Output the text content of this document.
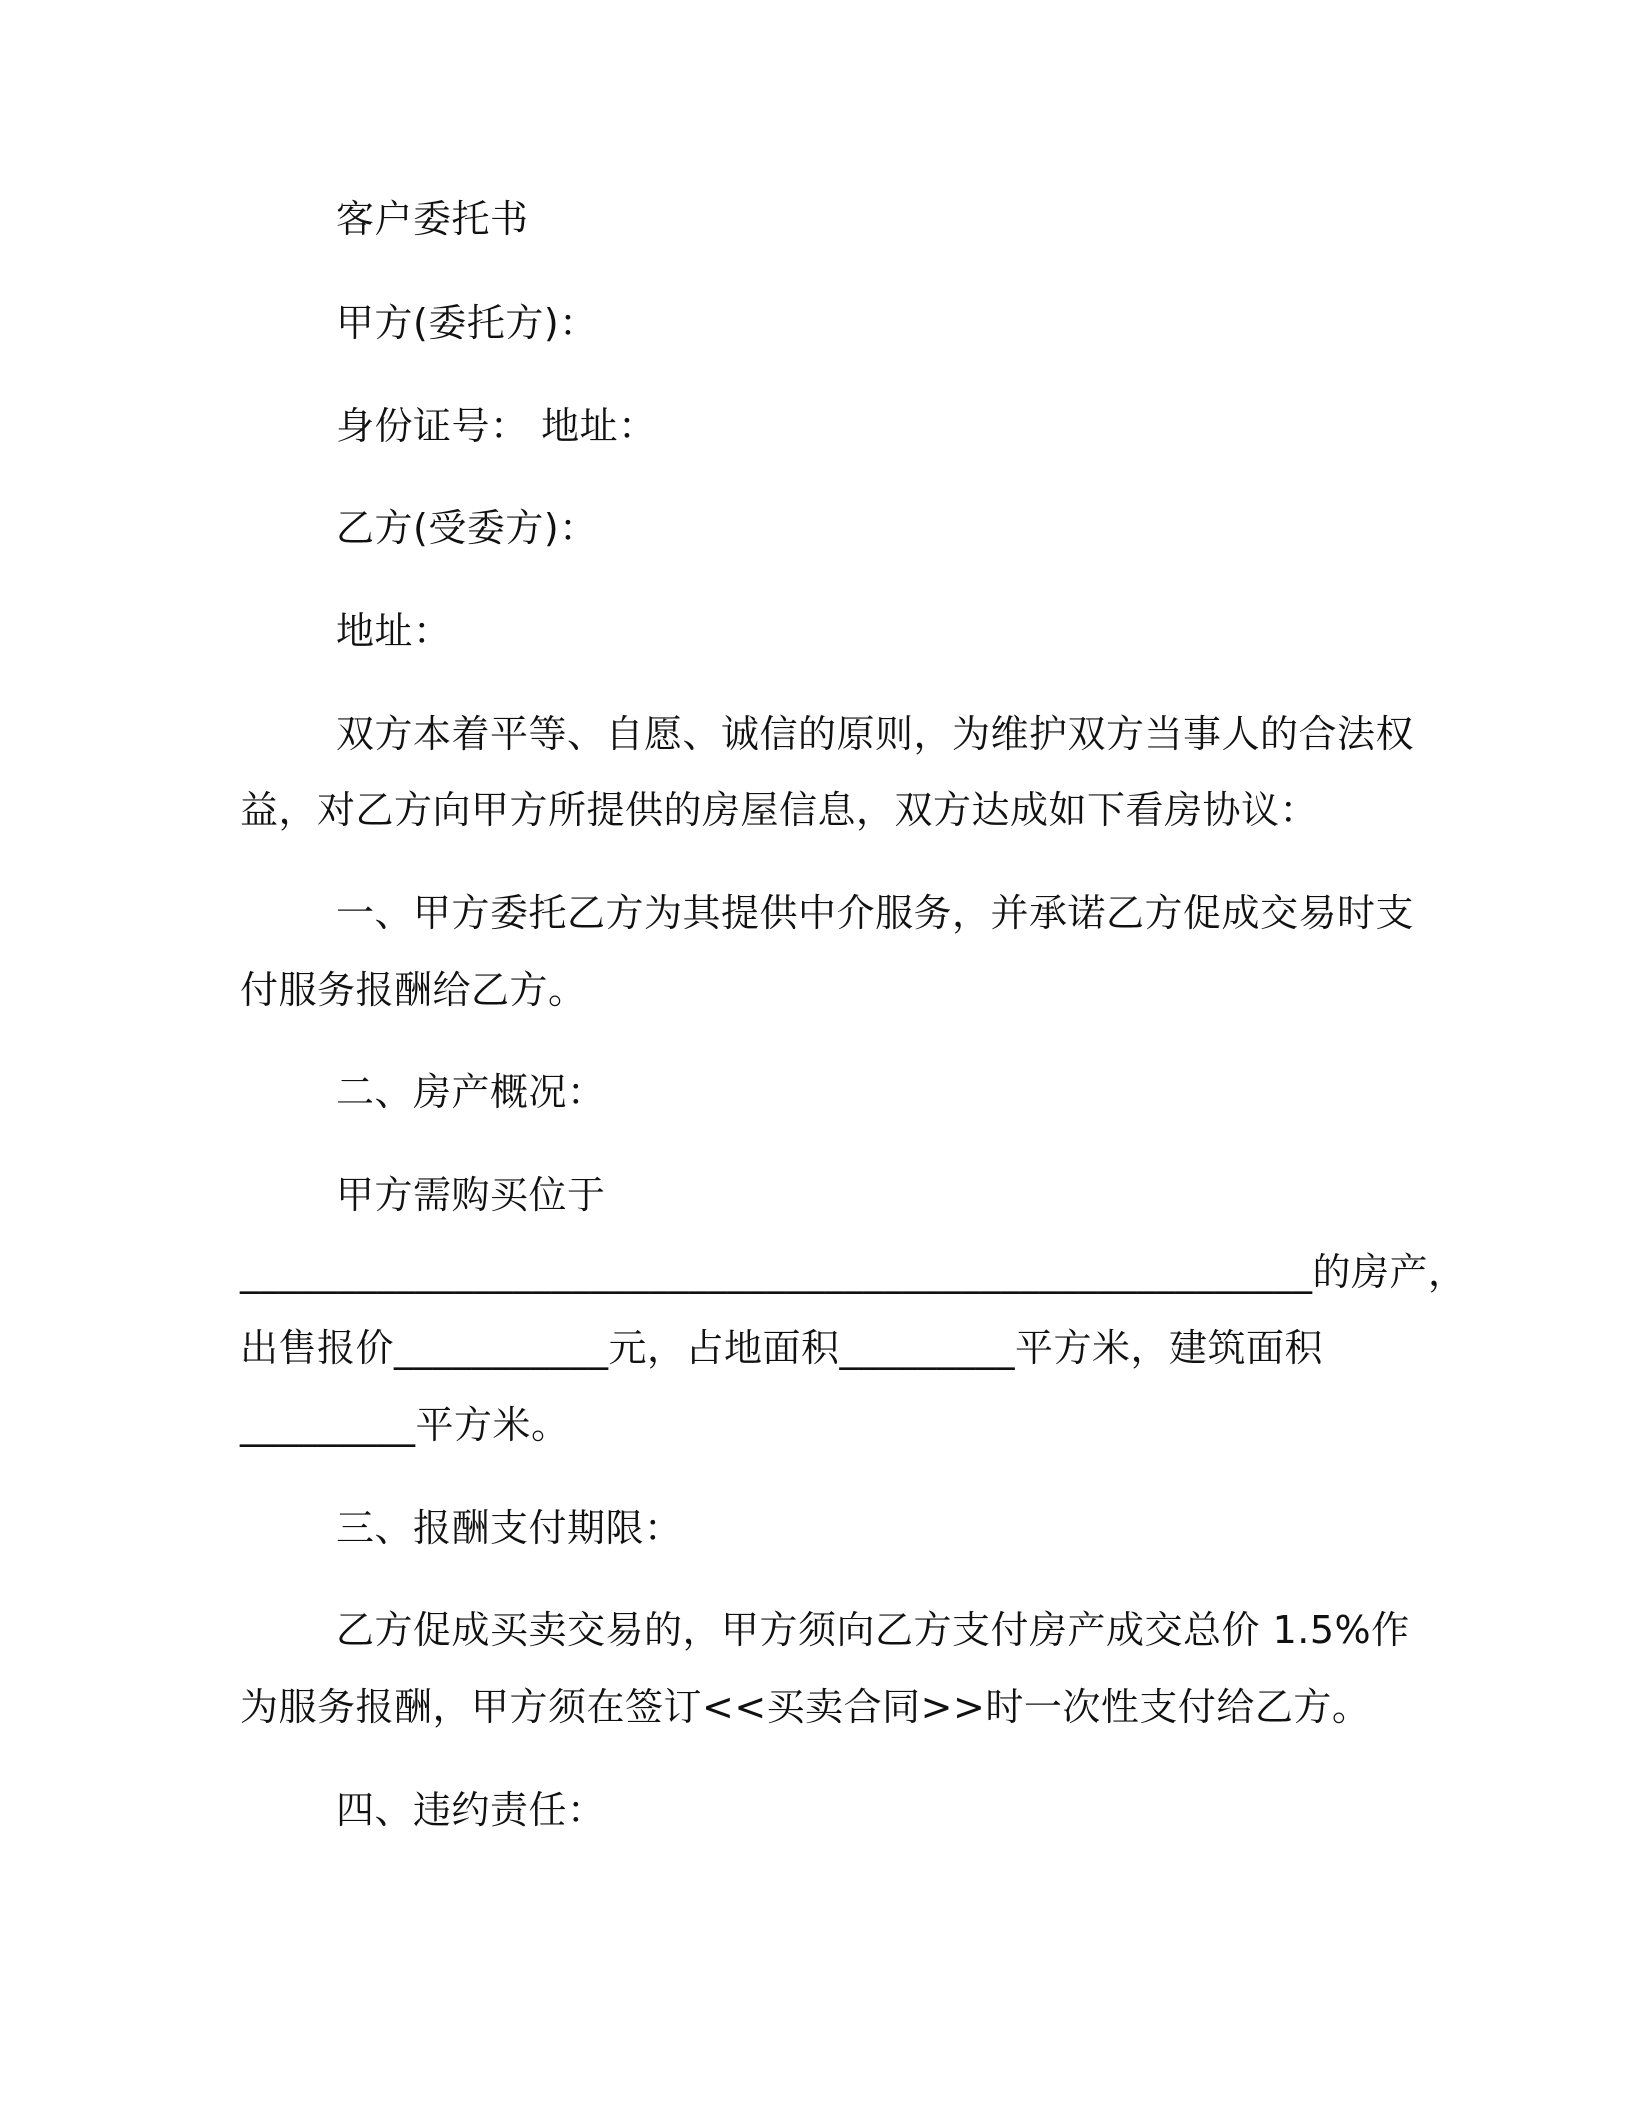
客户委托书
甲方(委托方)：
身份证号： 地址：
乙方(受委方)：
地址：
双方本着平等、自愿、诚信的原则，为维护双方当事人的合法权
益，对乙方向甲方所提供的房屋信息，双方达成如下看房协议：
一、甲方委托乙方为其提供中介服务，并承诺乙方促成交易时支
付服务报酬给乙方。
二、房产概况：
甲方需购买位于
_______________________________________________________的房产，
出售报价___________元，占地面积_________平方米，建筑面积
_________平方米。
三、报酬支付期限：
乙方促成买卖交易的，甲方须向乙方支付房产成交总价 1.5%作
为服务报酬，甲方须在签订<<买卖合同>>时一次性支付给乙方。
四、违约责任：
